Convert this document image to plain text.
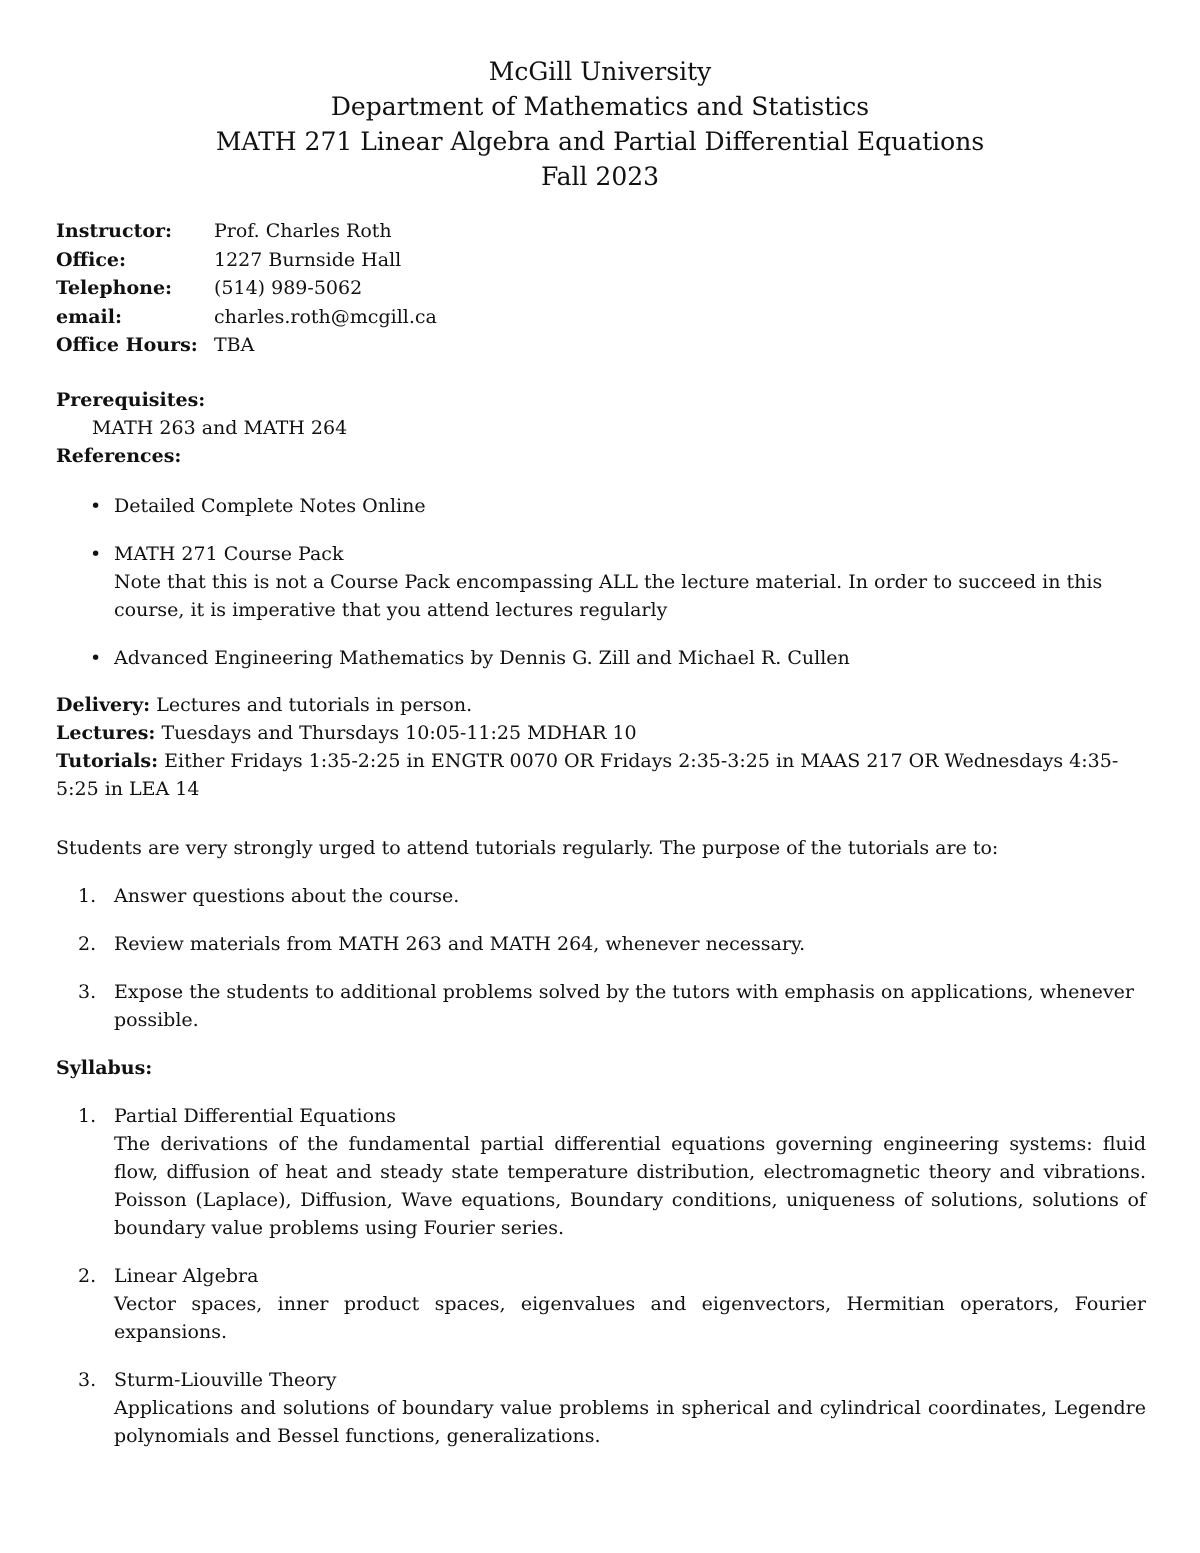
McGill University
Department of Mathematics and Statistics
MATH 271 Linear Algebra and Partial Differential Equations
Fall 2023
Instructor: Prof. Charles Roth
Office:	1227 Burnside Hall
Telephone: (514) 989-5062
email:	charles.roth@mcgill.ca
Office Hours: TBA
Prerequisites:
MATH 263 and MATH 264
References:
• Detailed Complete Notes Online
• MATH 271 Course Pack
Note that this is not a Course Pack encompassing ALL the lecture material. In order to succeed in this course, it is imperative that you attend lectures regularly
• Advanced Engineering Mathematics by Dennis G. Zill and Michael R. Cullen
Delivery: Lectures and tutorials in person.
Lectures: Tuesdays and Thursdays 10:05-11:25 MDHAR 10
Tutorials: Either Fridays 1:35-2:25 in ENGTR 0070 OR Fridays 2:35-3:25 in MAAS 217 OR Wednesdays 4:35-5:25 in LEA 14
Students are very strongly urged to attend tutorials regularly. The purpose of the tutorials are to:
1. Answer questions about the course.
2. Review materials from MATH 263 and MATH 264, whenever necessary.
3. Expose the students to additional problems solved by the tutors with emphasis on applications, whenever possible.
Syllabus:
1. Partial Differential Equations
The derivations of the fundamental partial differential equations governing engineering systems: fluid flow, diffusion of heat and steady state temperature distribution, electromagnetic theory and vibrations. Poisson (Laplace), Diffusion, Wave equations, Boundary conditions, uniqueness of solutions, solutions of boundary value problems using Fourier series.
2. Linear Algebra
Vector spaces, inner product spaces, eigenvalues and eigenvectors, Hermitian operators, Fourier expansions.
3. Sturm-Liouville Theory
Applications and solutions of boundary value problems in spherical and cylindrical coordinates, Legendre polynomials and Bessel functions, generalizations.
